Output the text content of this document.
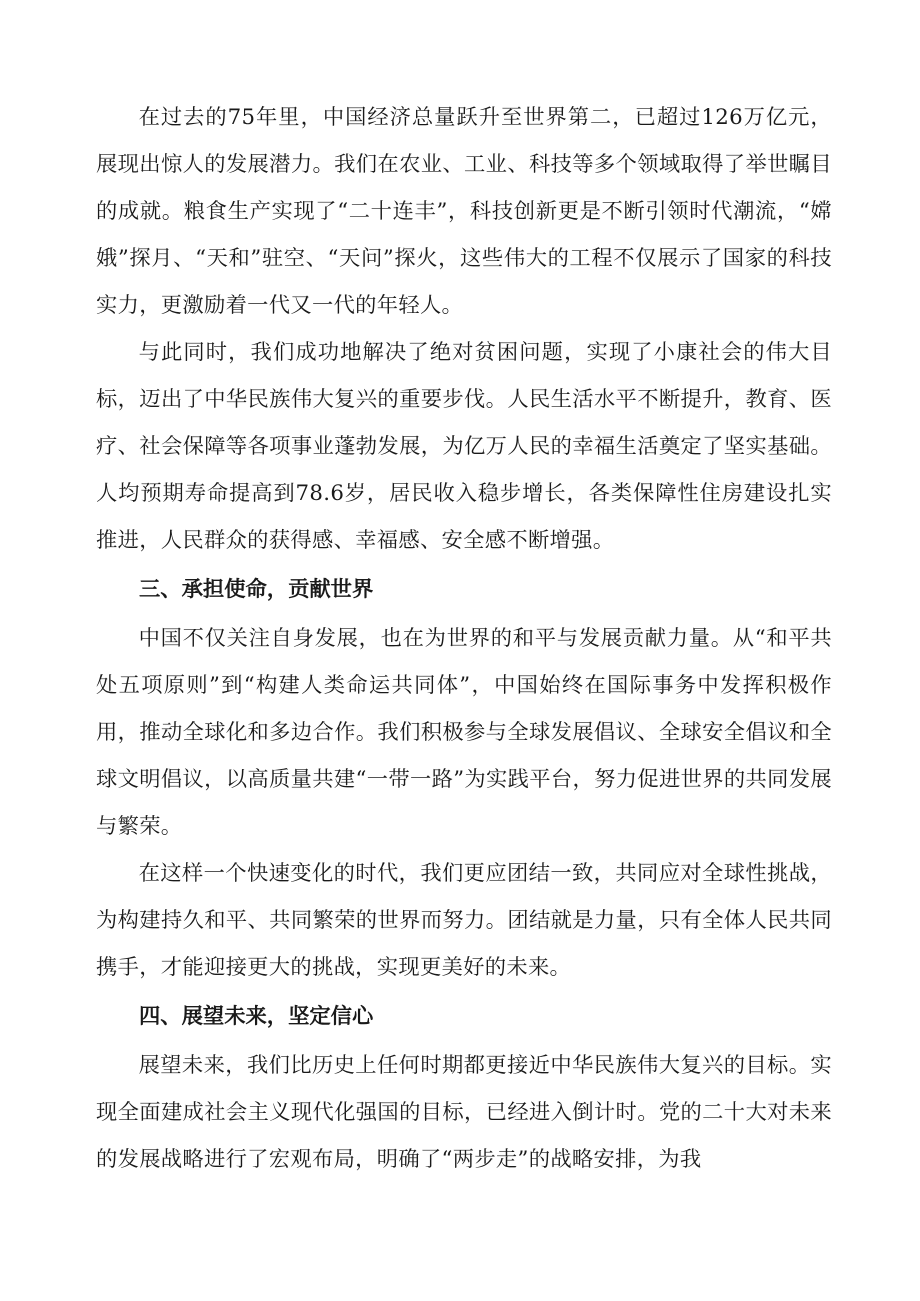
在过去的75年里，中国经济总量跃升至世界第二，已超过126万亿元，展现出惊人的发展潜力。我们在农业、工业、科技等多个领域取得了举世瞩目的成就。粮食生产实现了“二十连丰”，科技创新更是不断引领时代潮流，“嫦娥”探月、“天和”驻空、“天问”探火，这些伟大的工程不仅展示了国家的科技实力，更激励着一代又一代的年轻人。

与此同时，我们成功地解决了绝对贫困问题，实现了小康社会的伟大目标，迈出了中华民族伟大复兴的重要步伐。人民生活水平不断提升，教育、医疗、社会保障等各项事业蓬勃发展，为亿万人民的幸福生活奠定了坚实基础。人均预期寿命提高到78.6岁，居民收入稳步增长，各类保障性住房建设扎实推进，人民群众的获得感、幸福感、安全感不断增强。

三、承担使命，贡献世界

中国不仅关注自身发展，也在为世界的和平与发展贡献力量。从“和平共处五项原则”到“构建人类命运共同体”，中国始终在国际事务中发挥积极作用，推动全球化和多边合作。我们积极参与全球发展倡议、全球安全倡议和全球文明倡议，以高质量共建“一带一路”为实践平台，努力促进世界的共同发展与繁荣。

在这样一个快速变化的时代，我们更应团结一致，共同应对全球性挑战，为构建持久和平、共同繁荣的世界而努力。团结就是力量，只有全体人民共同携手，才能迎接更大的挑战，实现更美好的未来。

四、展望未来，坚定信心

展望未来，我们比历史上任何时期都更接近中华民族伟大复兴的目标。实现全面建成社会主义现代化强国的目标，已经进入倒计时。党的二十大对未来的发展战略进行了宏观布局，明确了“两步走”的战略安排，为我
